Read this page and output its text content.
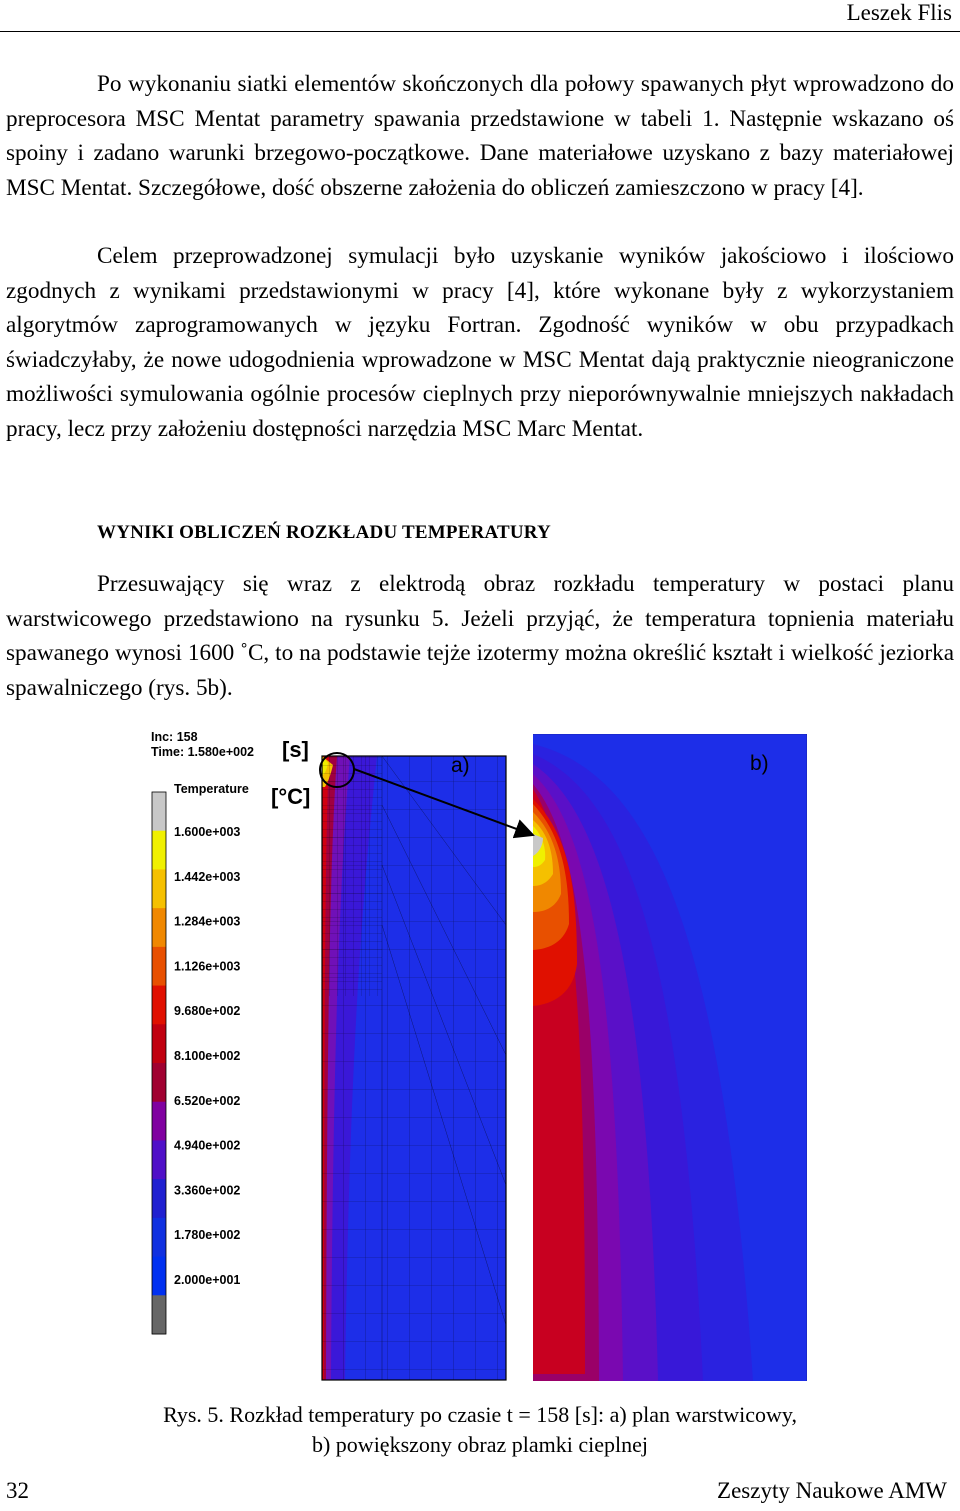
Leszek Flis

Po wykonaniu siatki elementów skończonych dla połowy spawanych płyt wprowadzono do preprocesora MSC Mentat parametry spawania przedstawione w tabeli 1. Następnie wskazano oś spoiny i zadano warunki brzegowo-początkowe. Dane materiałowe uzyskano z bazy materiałowej MSC Mentat. Szczegółowe, dość obszerne założenia do obliczeń zamieszczono w pracy [4].

Celem przeprowadzonej symulacji było uzyskanie wyników jakościowo i ilościowo zgodnych z wynikami przedstawionymi w pracy [4], które wykonane były z wykorzystaniem algorytmów zaprogramowanych w języku Fortran. Zgodność wyników w obu przypadkach świadczyłaby, że nowe udogodnienia wprowadzone w MSC Mentat dają praktycznie nieograniczone możliwości symulowania ogólnie procesów cieplnych przy nieporównywalnie mniejszych nakładach pracy, lecz przy założeniu dostępności narzędzia MSC Marc Mentat.

WYNIKI OBLICZEŃ ROZKŁADU TEMPERATURY

Przesuwający się wraz z elektrodą obraz rozkładu temperatury w postaci planu warstwicowego przedstawiono na rysunku 5. Jeżeli przyjąć, że temperatura topnienia materiału spawanego wynosi 1600 ˚C, to na podstawie tejże izotermy można określić kształt i wielkość jeziorka spawalniczego (rys. 5b).

Inc: 158
Time: 1.580e+002 [s]
Temperature [°C]
1.600e+003
1.442e+003
1.284e+003
1.126e+003
9.680e+002
8.100e+002
6.520e+002
4.940e+002
3.360e+002
1.780e+002
2.000e+001
b)
a)
Rys. 5. Rozkład temperatury po czasie t = 158 [s]: a) plan warstwicowy,
b) powiększony obraz plamki cieplnej
32	Zeszyty Naukowe AMW
